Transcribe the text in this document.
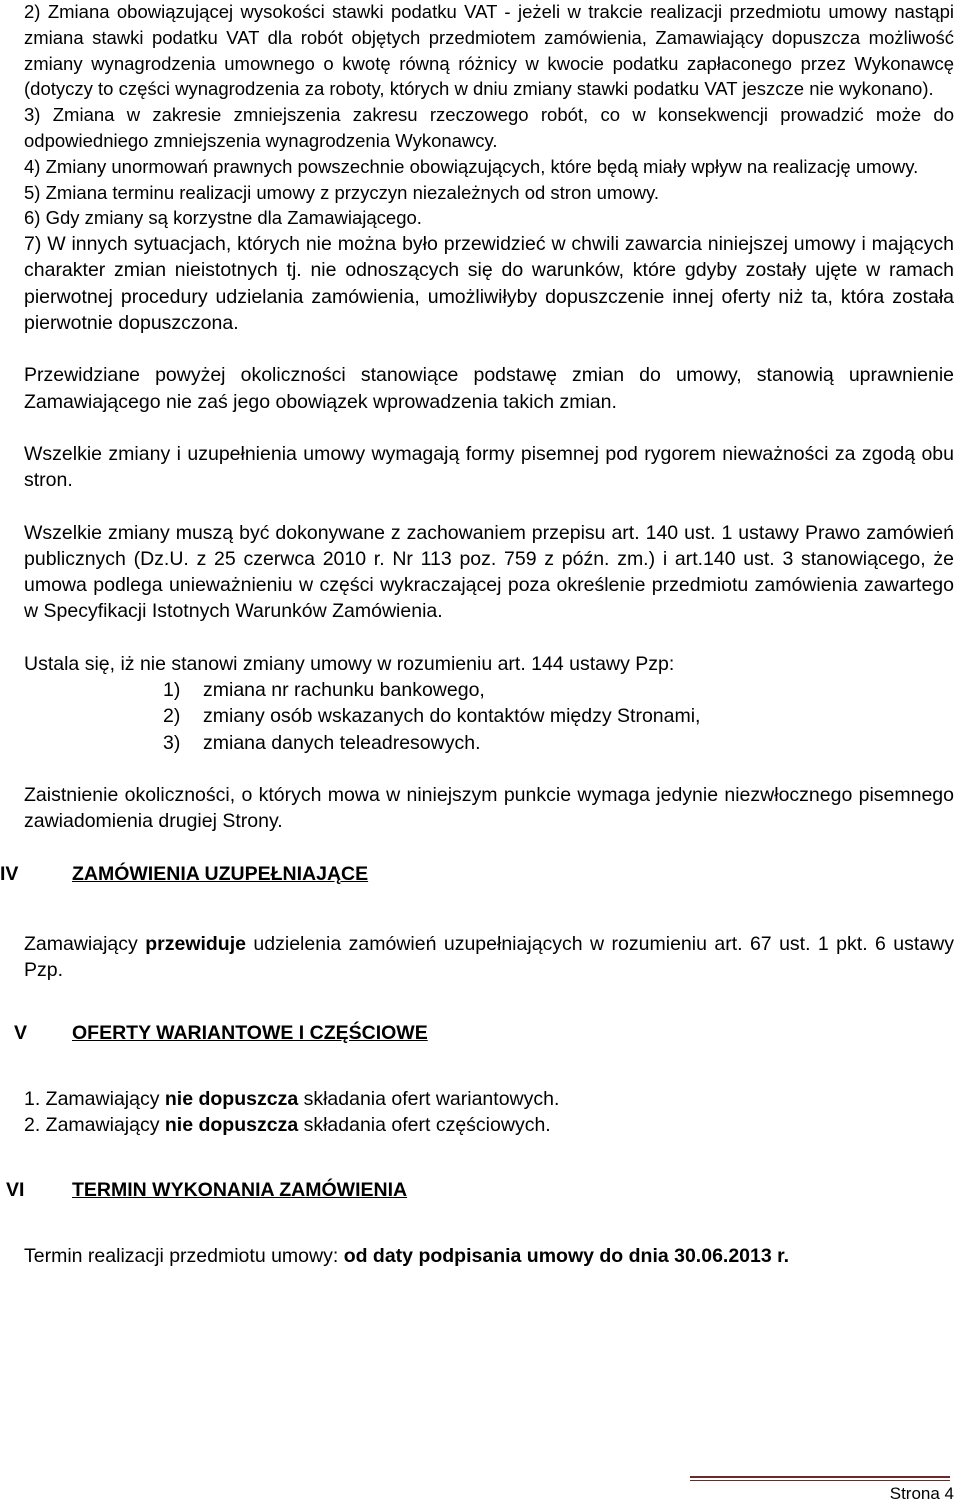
2) Zmiana obowiązującej wysokości stawki podatku VAT - jeżeli w trakcie realizacji przedmiotu umowy nastąpi zmiana stawki podatku VAT dla robót objętych przedmiotem zamówienia, Zamawiający dopuszcza możliwość zmiany wynagrodzenia umownego o kwotę równą różnicy w kwocie podatku zapłaconego przez Wykonawcę (dotyczy to części wynagrodzenia za roboty, których w dniu zmiany stawki podatku VAT jeszcze nie wykonano).

3) Zmiana w zakresie zmniejszenia zakresu rzeczowego robót, co w konsekwencji prowadzić może do odpowiedniego zmniejszenia wynagrodzenia Wykonawcy.

4) Zmiany unormowań prawnych powszechnie obowiązujących, które będą miały wpływ na realizację umowy.

5) Zmiana terminu realizacji umowy z przyczyn niezależnych od stron umowy.

6) Gdy zmiany są korzystne dla Zamawiającego.

7) W innych sytuacjach, których nie można było przewidzieć w chwili zawarcia niniejszej umowy i mających charakter zmian nieistotnych tj. nie odnoszących się do warunków, które gdyby zostały ujęte w ramach pierwotnej procedury udzielania zamówienia, umożliwiłyby dopuszczenie innej oferty niż ta, która została pierwotnie dopuszczona.

Przewidziane powyżej okoliczności stanowiące podstawę zmian do umowy, stanowią uprawnienie Zamawiającego nie zaś jego obowiązek wprowadzenia takich zmian.

Wszelkie zmiany i uzupełnienia umowy wymagają formy pisemnej pod rygorem nieważności za zgodą obu stron.

Wszelkie zmiany muszą być dokonywane z zachowaniem przepisu art. 140 ust. 1 ustawy Prawo zamówień publicznych (Dz.U. z 25 czerwca 2010 r. Nr 113 poz. 759 z późn. zm.) i art.140 ust. 3 stanowiącego, że umowa podlega unieważnieniu w części wykraczającej poza określenie przedmiotu zamówienia zawartego w Specyfikacji Istotnych Warunków Zamówienia.

Ustala się, iż nie stanowi zmiany umowy w rozumieniu art. 144 ustawy Pzp:

1)	zmiana nr rachunku bankowego,
2)	zmiany osób wskazanych do kontaktów między Stronami,
3)	zmiana danych teleadresowych.

Zaistnienie okoliczności, o których mowa w niniejszym punkcie wymaga jedynie niezwłocznego pisemnego zawiadomienia drugiej Strony.

IV	ZAMÓWIENIA UZUPEŁNIAJĄCE

Zamawiający przewiduje udzielenia zamówień uzupełniających w rozumieniu art. 67 ust. 1 pkt. 6 ustawy Pzp.

V	OFERTY WARIANTOWE I CZĘŚCIOWE

1. Zamawiający nie dopuszcza składania ofert wariantowych.

2. Zamawiający nie dopuszcza składania ofert częściowych.

VI	TERMIN WYKONANIA ZAMÓWIENIA

Termin realizacji przedmiotu umowy: od daty podpisania umowy do dnia 30.06.2013 r.

Strona 4
